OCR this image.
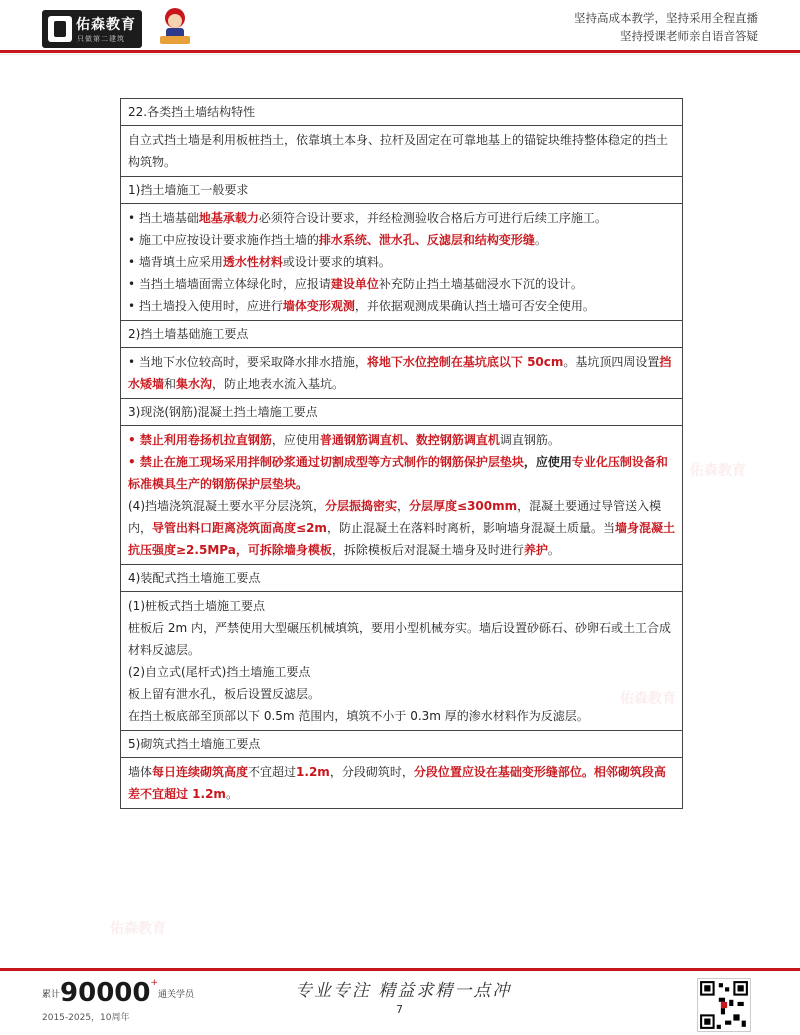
佑森教育
只做第二建筑
坚持高成本教学，坚持采用全程直播
坚持授课老师亲自语音答疑
佑森教育
佑森教育
佑森教育
22.各类挡土墙结构特性

自立式挡土墙是利用板桩挡土，依靠填土本身、拉杆及固定在可靠地基上的锚锭块维持整体稳定的挡土构筑物。

1)挡土墙施工一般要求

• 挡土墙基础地基承载力必须符合设计要求，并经检测验收合格后方可进行后续工序施工。

• 施工中应按设计要求施作挡土墙的排水系统、泄水孔、反滤层和结构变形缝。

• 墙背填土应采用透水性材料或设计要求的填料。

• 当挡土墙墙面需立体绿化时，应报请建设单位补充防止挡土墙基础浸水下沉的设计。

• 挡土墙投入使用时，应进行墙体变形观测，并依据观测成果确认挡土墙可否安全使用。

2)挡土墙基础施工要点

• 当地下水位较高时，要采取降水排水措施，将地下水位控制在基坑底以下 50cm。基坑顶四周设置挡水矮墙和集水沟，防止地表水流入基坑。

3)现浇(钢筋)混凝土挡土墙施工要点

• 禁止利用卷扬机拉直钢筋，应使用普通钢筋调直机、数控钢筋调直机调直钢筋。

• 禁止在施工现场采用拌制砂浆通过切割成型等方式制作的钢筋保护层垫块，应使用专业化压制设备和标准模具生产的钢筋保护层垫块。

(4)挡墙浇筑混凝土要水平分层浇筑，分层振捣密实，分层厚度≤300mm，混凝土要通过导管送入模内，导管出料口距离浇筑面高度≤2m，防止混凝土在落料时离析，影响墙身混凝土质量。当墙身混凝土抗压强度≥2.5MPa，可拆除墙身模板，拆除模板后对混凝土墙身及时进行养护。

4)装配式挡土墙施工要点

(1)桩板式挡土墙施工要点

桩板后 2m 内，严禁使用大型碾压机械填筑，要用小型机械夯实。墙后设置砂砾石、砂卵石或土工合成材料反滤层。

(2)自立式(尾杆式)挡土墙施工要点

板上留有泄水孔，板后设置反滤层。

在挡土板底部至顶部以下 0.5m 范围内，填筑不小于 0.3m 厚的渗水材料作为反滤层。

5)砌筑式挡土墙施工要点

墙体每日连续砌筑高度不宜超过1.2m，分段砌筑时，分段位置应设在基础变形缝部位。相邻砌筑段高差不宜超过 1.2m。

累计90000+通关学员
2015-2025，10周年
专业专注 精益求精一点冲
7
